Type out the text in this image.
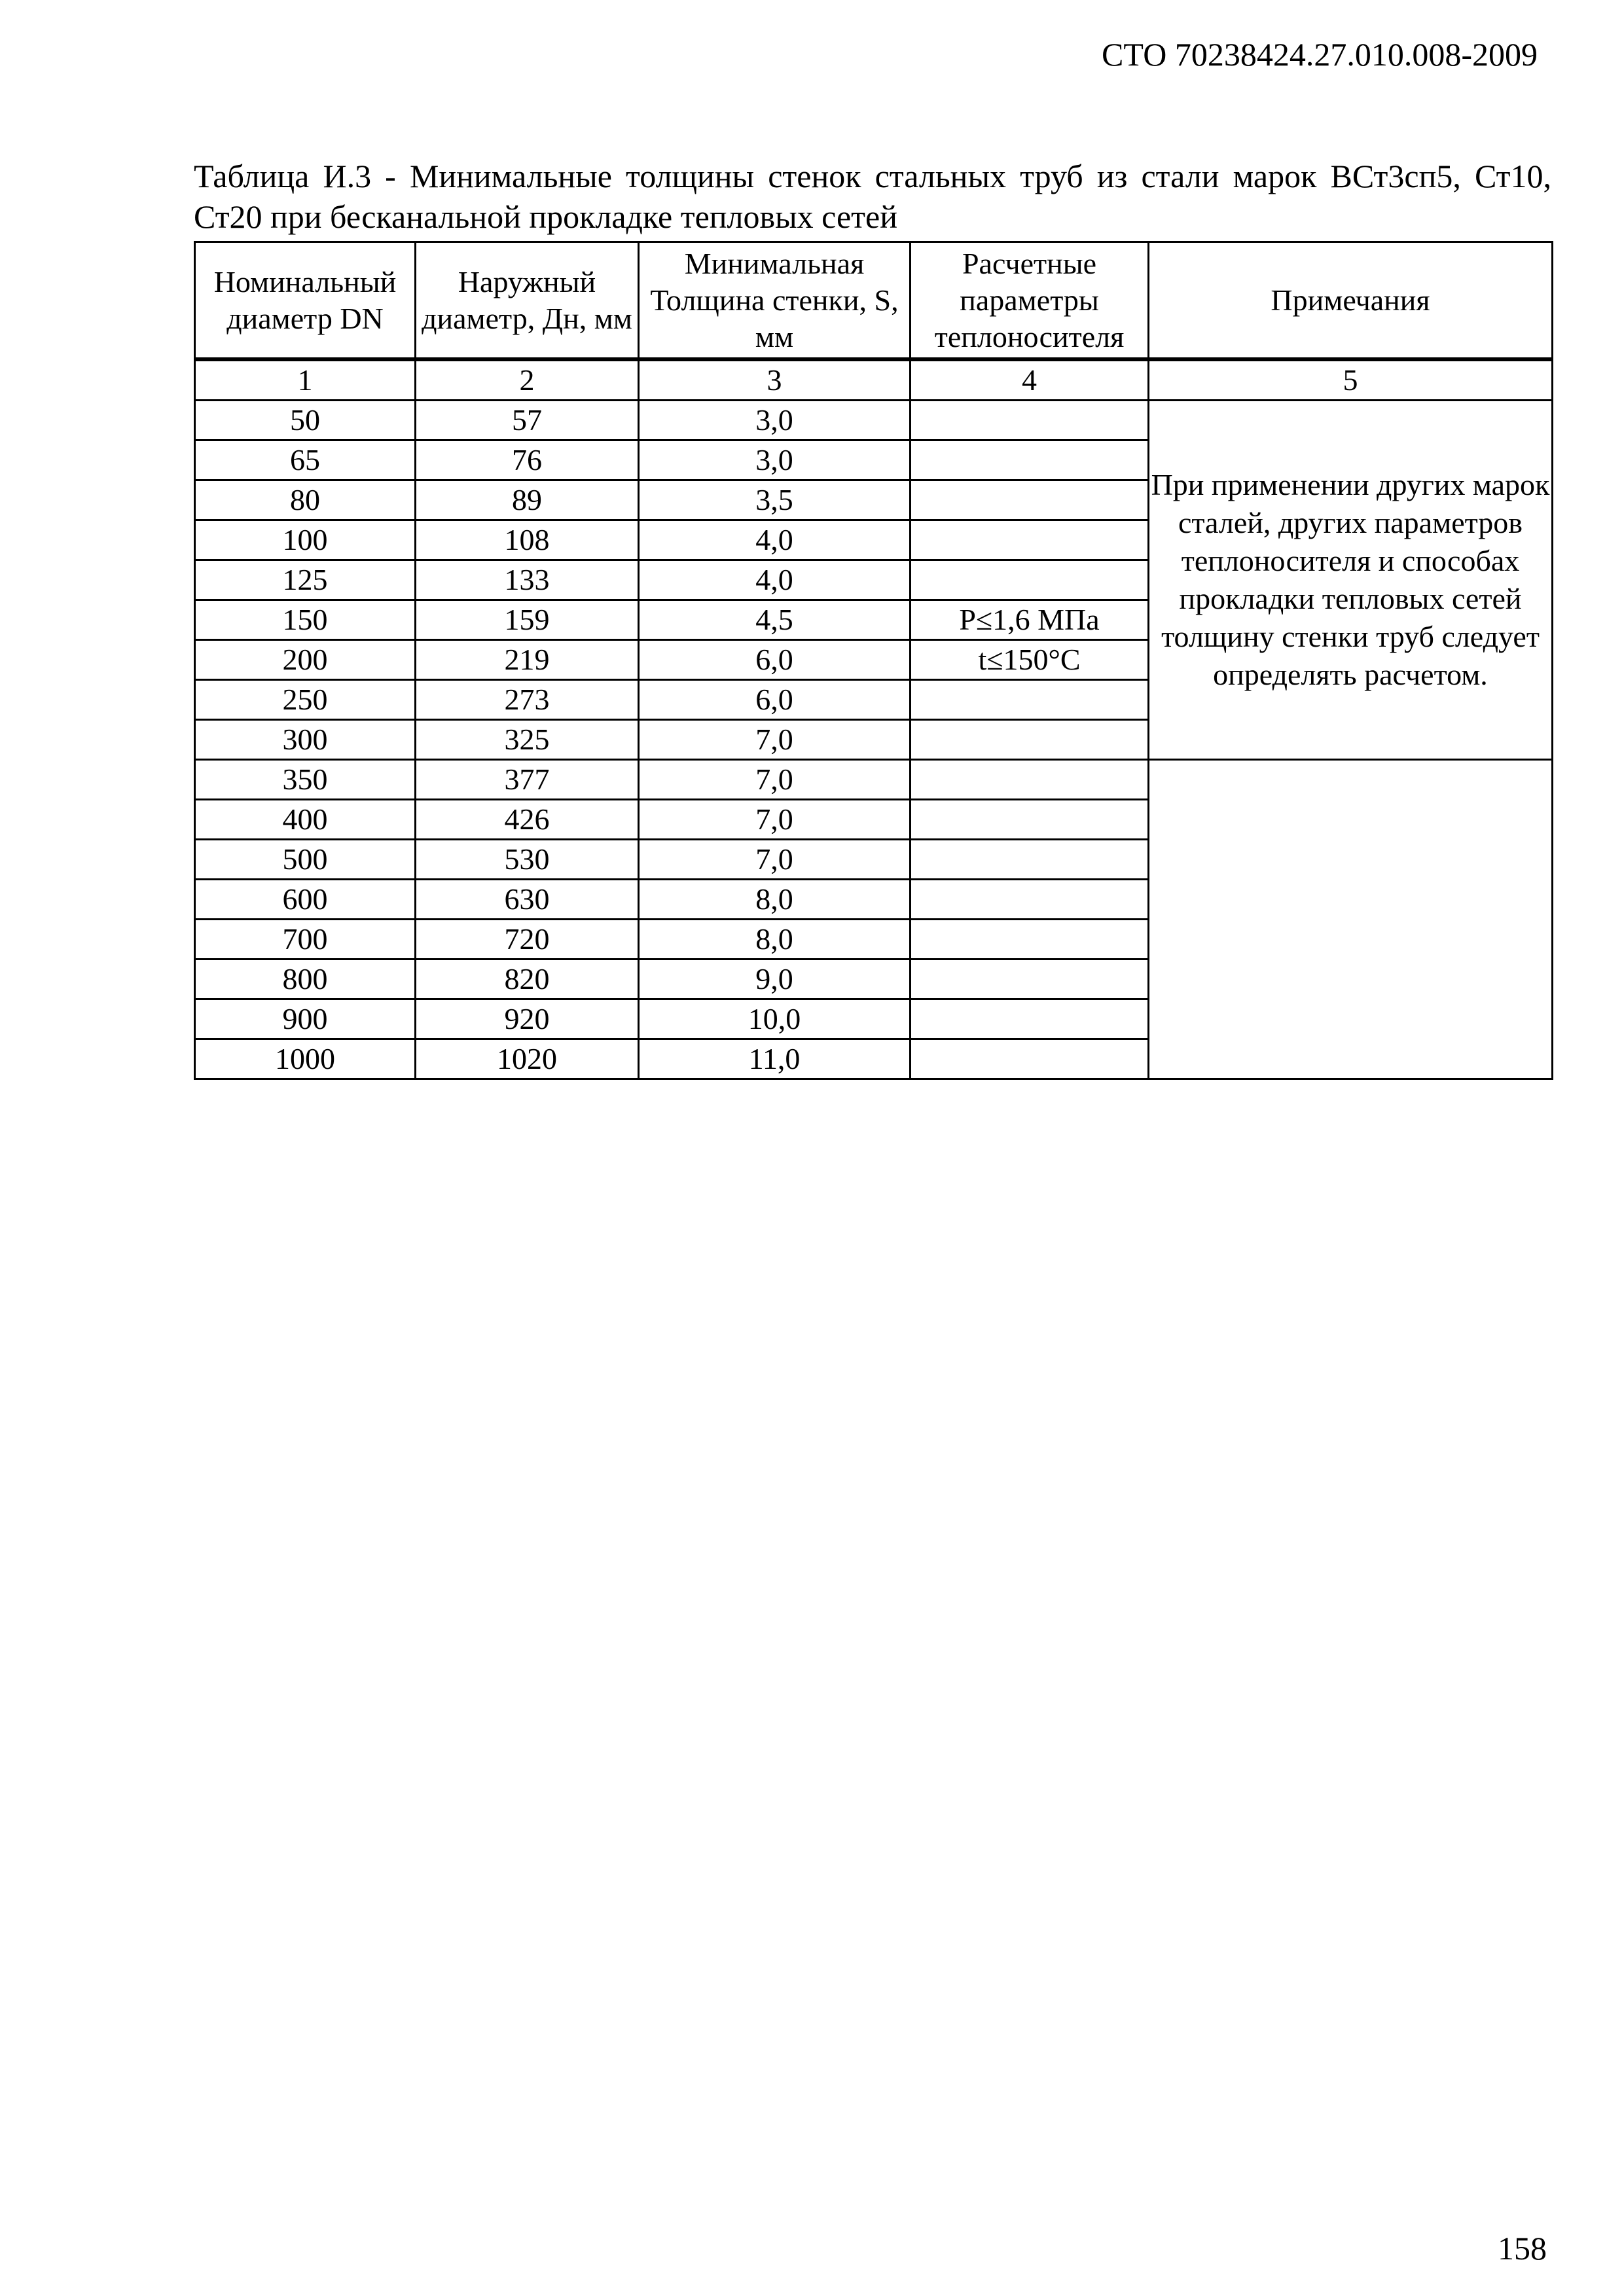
СТО 70238424.27.010.008-2009
Таблица И.3 - Минимальные толщины стенок стальных труб из стали марок ВСт3сп5, Ст10, Ст20 при бесканальной прокладке тепловых сетей
Номинальный диаметр DN	Наружный диаметр, Дн, мм	Минимальная Толщина стенки, S, мм	Расчетные параметры теплоносителя	Примечания
1	2	3	4	5
50	57	3,0		При применении других марок сталей, других параметров теплоносителя и способах прокладки тепловых сетей толщину стенки труб следует определять расчетом.
65	76	3,0		
80	89	3,5		
100	108	4,0		
125	133	4,0		
150	159	4,5	P≤1,6 МПа	
200	219	6,0	t≤150°C	
250	273	6,0		
300	325	7,0		
350	377	7,0		
400	426	7,0		
500	530	7,0		
600	630	8,0		
700	720	8,0		
800	820	9,0		
900	920	10,0		
1000	1020	11,0		
158
